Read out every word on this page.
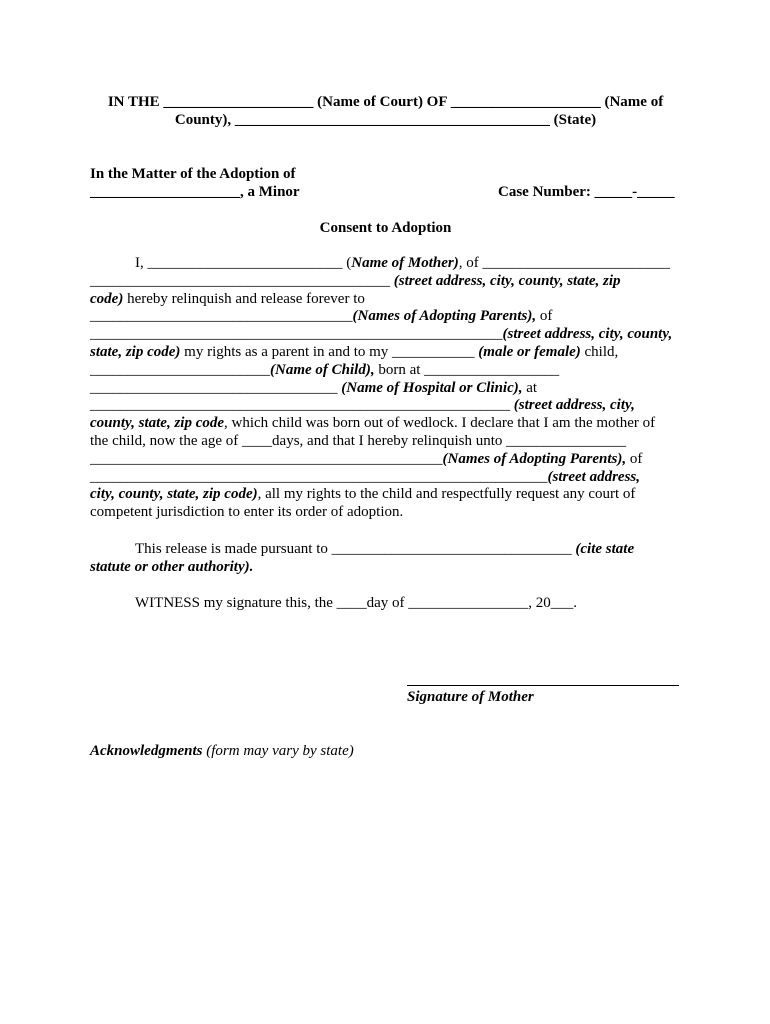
IN THE ____________________ (Name of Court) OF ____________________ (Name of
County), __________________________________________ (State)
In the Matter of the Adoption of
____________________, a Minor	Case Number: _____-_____
Consent to Adoption
I, __________________________ (Name of Mother), of _________________________
________________________________________ (street address, city, county, state, zip
code) hereby relinquish and release forever to
___________________________________(Names of Adopting Parents), of
_______________________________________________________(street address, city, county,
state, zip code) my rights as a parent in and to my ___________ (male or female) child,
________________________(Name of Child), born at __________________
_________________________________ (Name of Hospital or Clinic), at
________________________________________________________ (street address, city,
county, state, zip code, which child was born out of wedlock. I declare that I am the mother of
the child, now the age of ____days, and that I hereby relinquish unto ________________
_______________________________________________(Names of Adopting Parents), of
_____________________________________________________________(street address,
city, county, state, zip code), all my rights to the child and respectfully request any court of
competent jurisdiction to enter its order of adoption.
This release is made pursuant to ________________________________ (cite state
statute or other authority).
WITNESS my signature this, the ____day of ________________, 20___.
Signature of Mother
Acknowledgments (form may vary by state)
